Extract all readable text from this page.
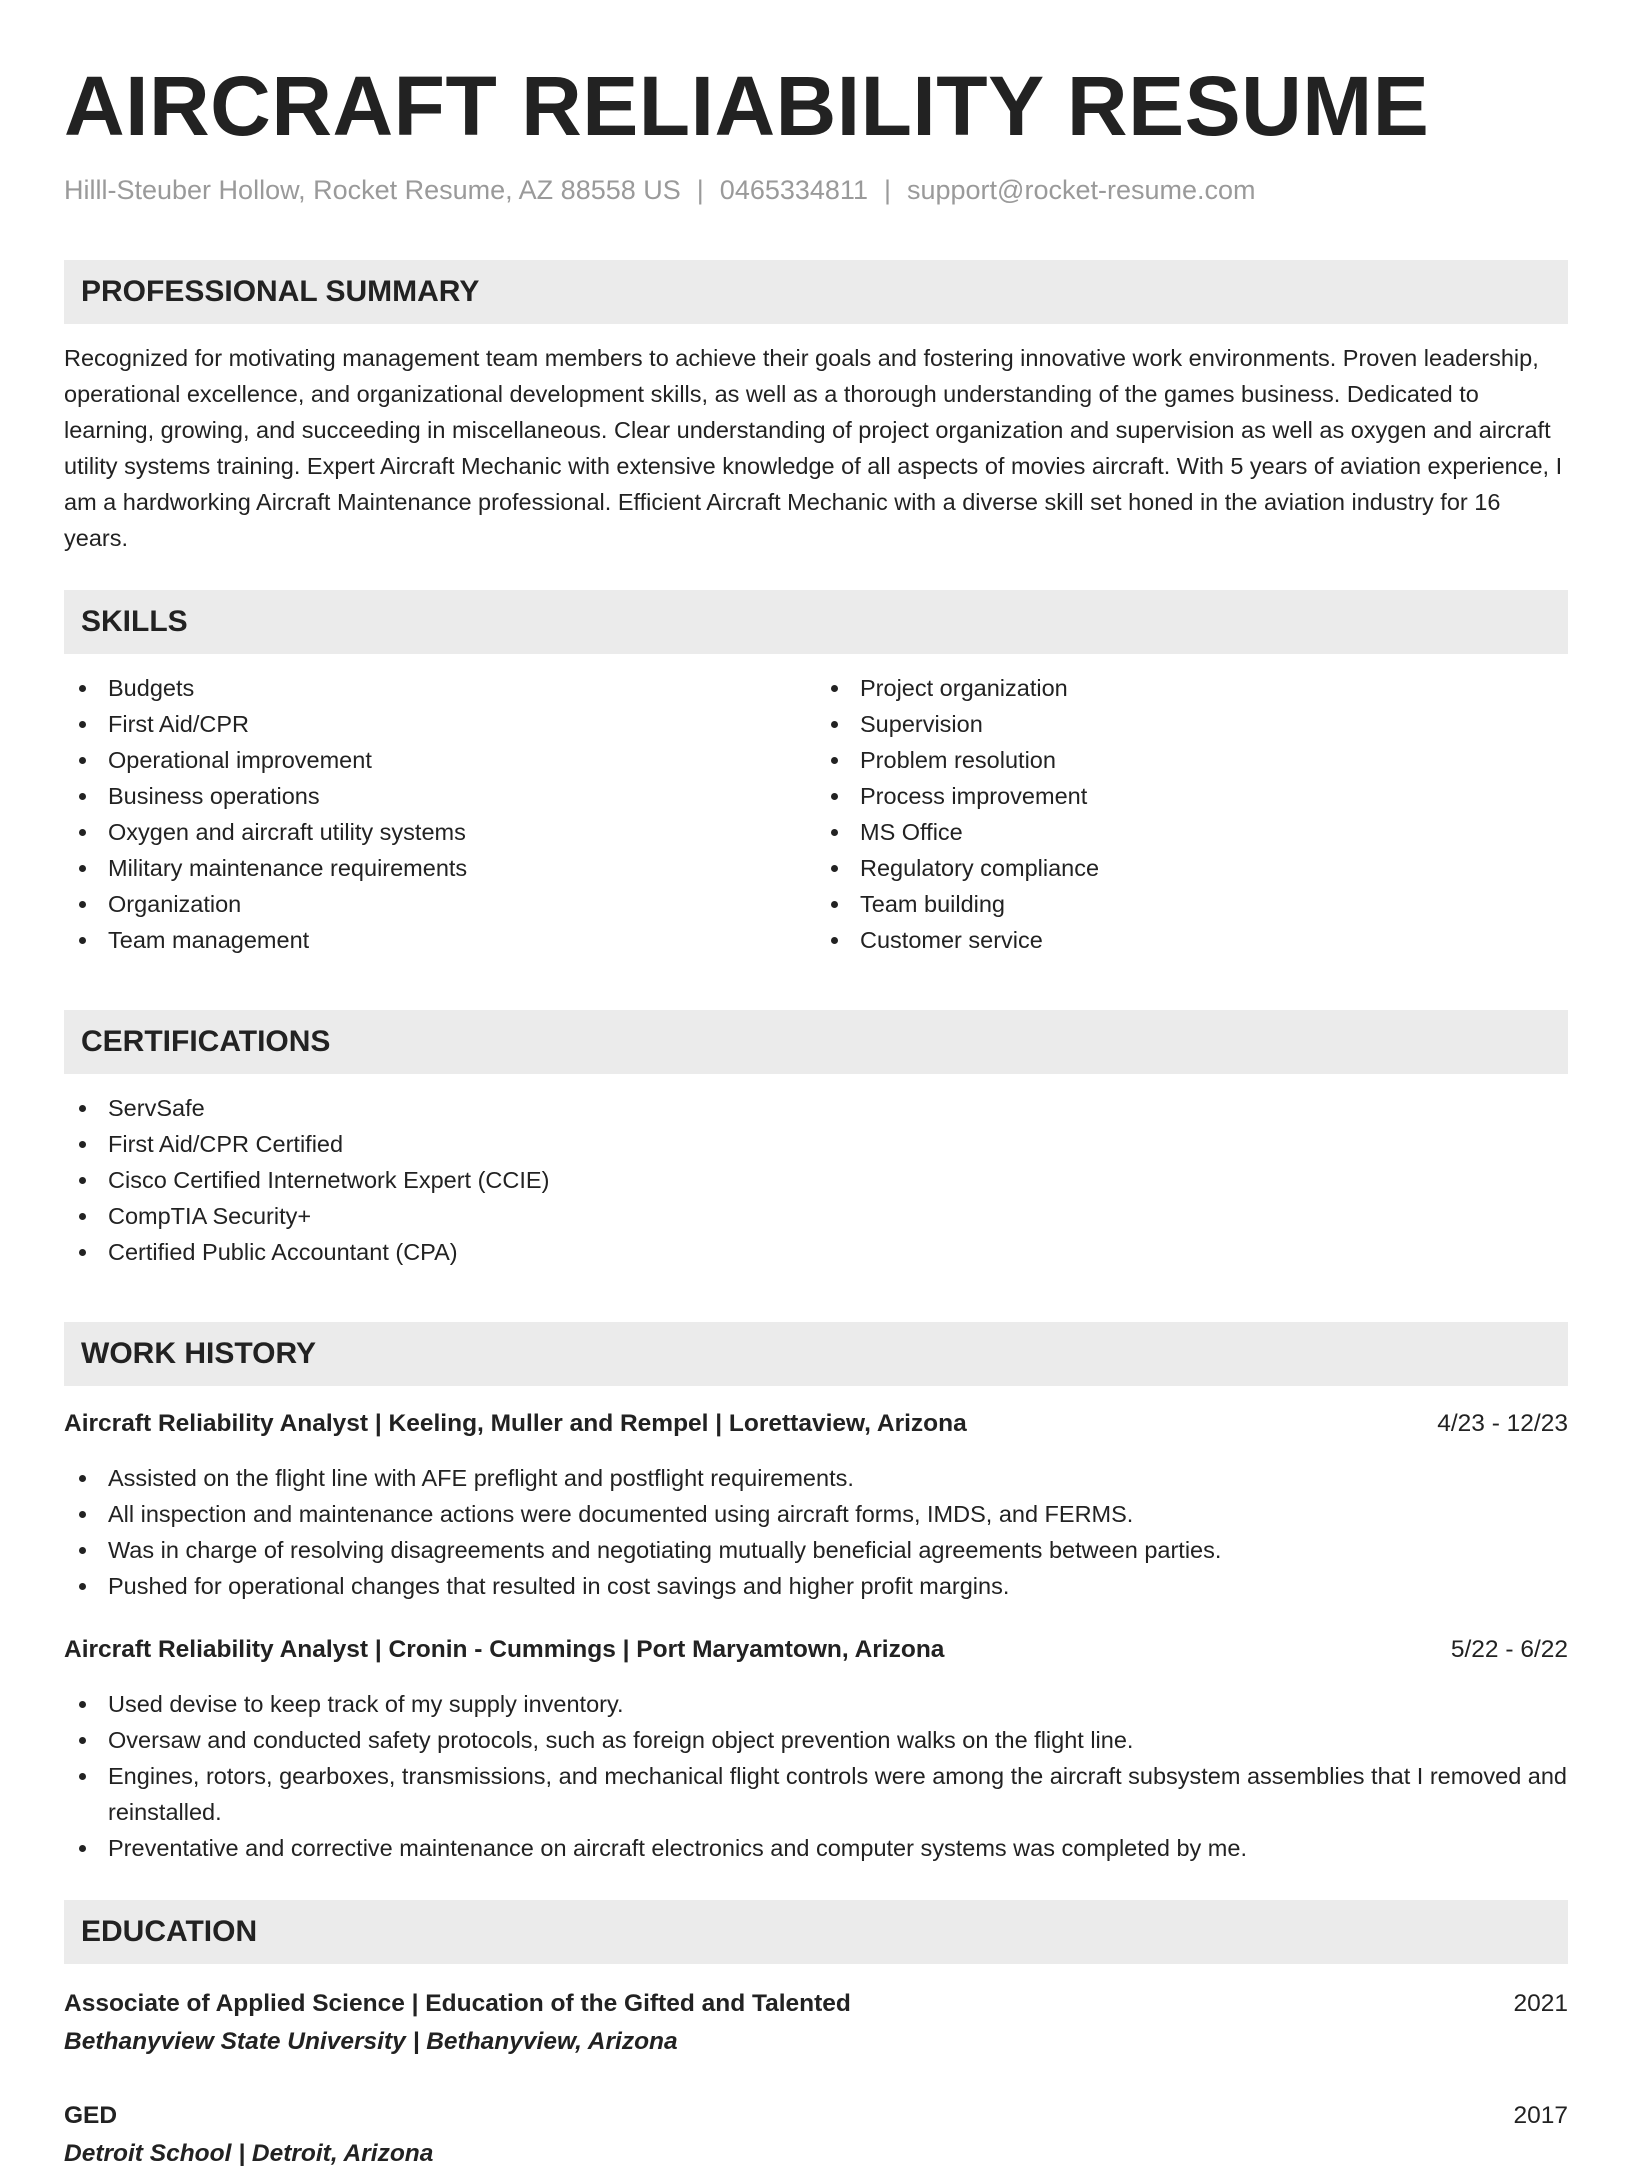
AIRCRAFT RELIABILITY RESUME
Hilll-Steuber Hollow, Rocket Resume, AZ 88558 US | 0465334811 | support@rocket-resume.com
PROFESSIONAL SUMMARY

Recognized for motivating management team members to achieve their goals and fostering innovative work environments. Proven leadership, operational excellence, and organizational development skills, as well as a thorough understanding of the games business. Dedicated to learning, growing, and succeeding in miscellaneous. Clear understanding of project organization and supervision as well as oxygen and aircraft utility systems training. Expert Aircraft Mechanic with extensive knowledge of all aspects of movies aircraft. With 5 years of aviation experience, I am a hardworking Aircraft Maintenance professional. Efficient Aircraft Mechanic with a diverse skill set honed in the aviation industry for 16 years.

SKILLS
Budgets
First Aid/CPR
Operational improvement
Business operations
Oxygen and aircraft utility systems
Military maintenance requirements
Organization
Team management
Project organization
Supervision
Problem resolution
Process improvement
MS Office
Regulatory compliance
Team building
Customer service
CERTIFICATIONS
ServSafe
First Aid/CPR Certified
Cisco Certified Internetwork Expert (CCIE)
CompTIA Security+
Certified Public Accountant (CPA)
WORK HISTORY
Aircraft Reliability Analyst | Keeling, Muller and Rempel | Lorettaview, Arizona	4/23 - 12/23
Assisted on the flight line with AFE preflight and postflight requirements.
All inspection and maintenance actions were documented using aircraft forms, IMDS, and FERMS.
Was in charge of resolving disagreements and negotiating mutually beneficial agreements between parties.
Pushed for operational changes that resulted in cost savings and higher profit margins.
Aircraft Reliability Analyst | Cronin - Cummings | Port Maryamtown, Arizona	5/22 - 6/22
Used devise to keep track of my supply inventory.
Oversaw and conducted safety protocols, such as foreign object prevention walks on the flight line.
Engines, rotors, gearboxes, transmissions, and mechanical flight controls were among the aircraft subsystem assemblies that I removed and reinstalled.
Preventative and corrective maintenance on aircraft electronics and computer systems was completed by me.
EDUCATION
Associate of Applied Science | Education of the Gifted and Talented	2021
Bethanyview State University | Bethanyview, Arizona
GED	2017
Detroit School | Detroit, Arizona
